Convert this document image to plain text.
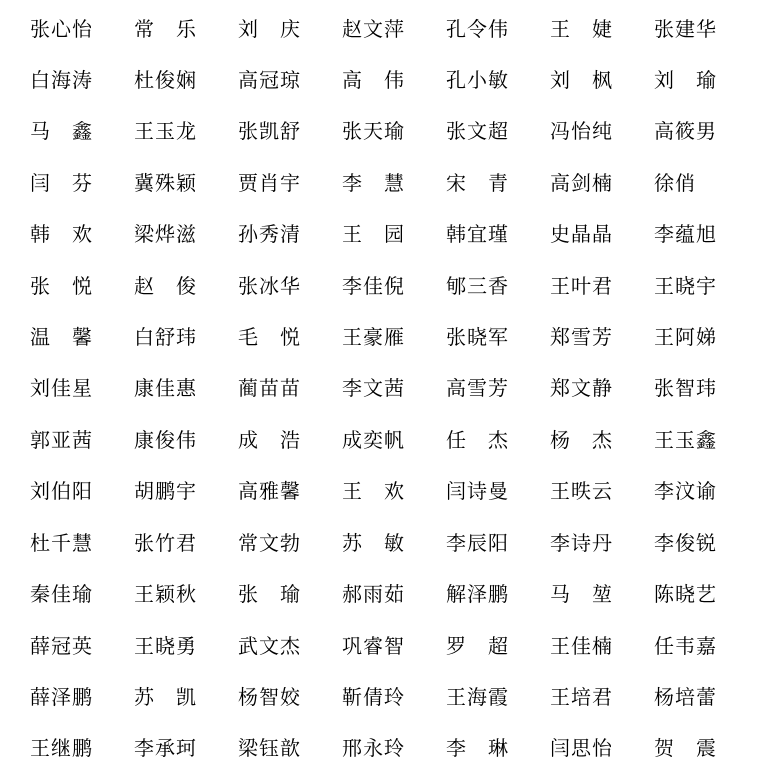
张心怡	常　乐	刘　庆	赵文萍	孔令伟	王　婕	张建华
白海涛	杜俊娴	高冠琼	高　伟	孔小敏	刘　枫	刘　瑜
马　鑫	王玉龙	张凯舒	张天瑜	张文超	冯怡纯	高筱男
闫　芬	冀殊颖	贾肖宇	李　慧	宋　青	高剑楠	徐俏
韩　欢	梁烨滋	孙秀清	王　园	韩宜瑾	史晶晶	李蕴旭
张　悦	赵　俊	张冰华	李佳倪	郇三香	王叶君	王晓宇
温　馨	白舒玮	毛　悦	王豪雁	张晓军	郑雪芳	王阿娣
刘佳星	康佳惠	蔺苗苗	李文茜	高雪芳	郑文静	张智玮
郭亚茜	康俊伟	成　浩	成奕帆	任　杰	杨　杰	王玉鑫
刘伯阳	胡鹏宇	高雅馨	王　欢	闫诗曼	王昳云	李汶谕
杜千慧	张竹君	常文勃	苏　敏	李辰阳	李诗丹	李俊锐
秦佳瑜	王颖秋	张　瑜	郝雨茹	解泽鹏	马　堃	陈晓艺
薛冠英	王晓勇	武文杰	巩睿智	罗　超	王佳楠	任韦嘉
薛泽鹏	苏　凯	杨智姣	靳倩玲	王海霞	王培君	杨培蕾
王继鹏	李承珂	梁钰歆	邢永玲	李　琳	闫思怡	贺　震
